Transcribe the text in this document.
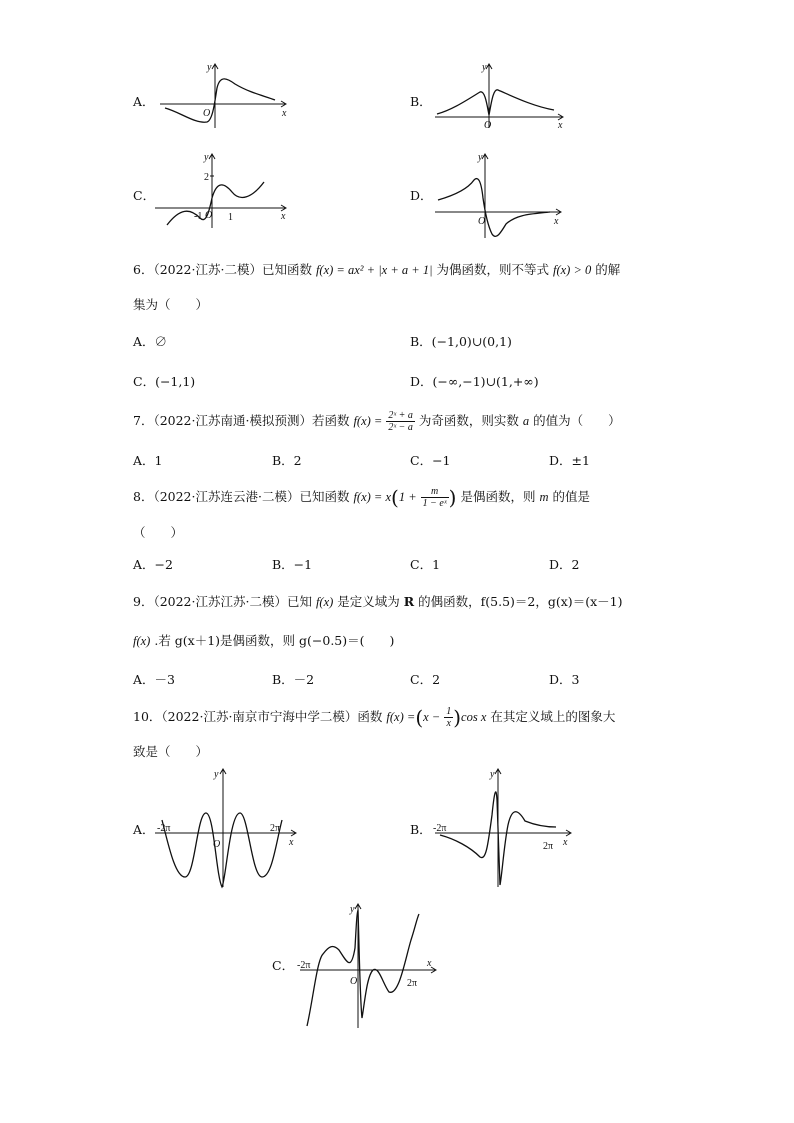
A．
y
O	x
B．
y
O	x
C．
y
2
-1 O 1	x
D．
y
O	x
6．（2022·江苏·二模）已知函数 f(x) = ax² + |x + a + 1| 为偶函数，则不等式 f(x) > 0 的解
集为（　　）
A．∅	B．(−1,0)∪(0,1)
C．(−1,1)	D．(−∞,−1)∪(1,+∞)
7．（2022·江苏南通·模拟预测）若函数 $f(x) = \frac{\text{2ˣ + a}}{\text{2ˣ − a}}$ 为奇函数，则实数 a 的值为（　　）
A．1	B．2	C．−1	D．±1
8．（2022·江苏连云港·二模）已知函数 $f(x) = x(1 + \frac{m}{\text{1 − eˣ}}$ ) 是偶函数，则 m 的值是
（　　）
A．−2	B．−1	C．1	D．2
9．（2022·江苏江苏·二模）已知 f(x) 是定义域为 R 的偶函数，f(5.5)＝2，g(x)＝(x－1)
f(x) .若 g(x＋1)是偶函数，则 g(−0.5)＝(　　)
A．－3	B．－2	C．2	D．3
10．（2022·江苏·南京市宁海中学二模）函数 $f(x) =(x - \frac{1}{x} )\cos$ x 在其定义域上的图象大
致是（　　）
A．
y
-2π	2π
O	x
B．
y
-2π
2π x
C．
y
-2π
2π
O
x
